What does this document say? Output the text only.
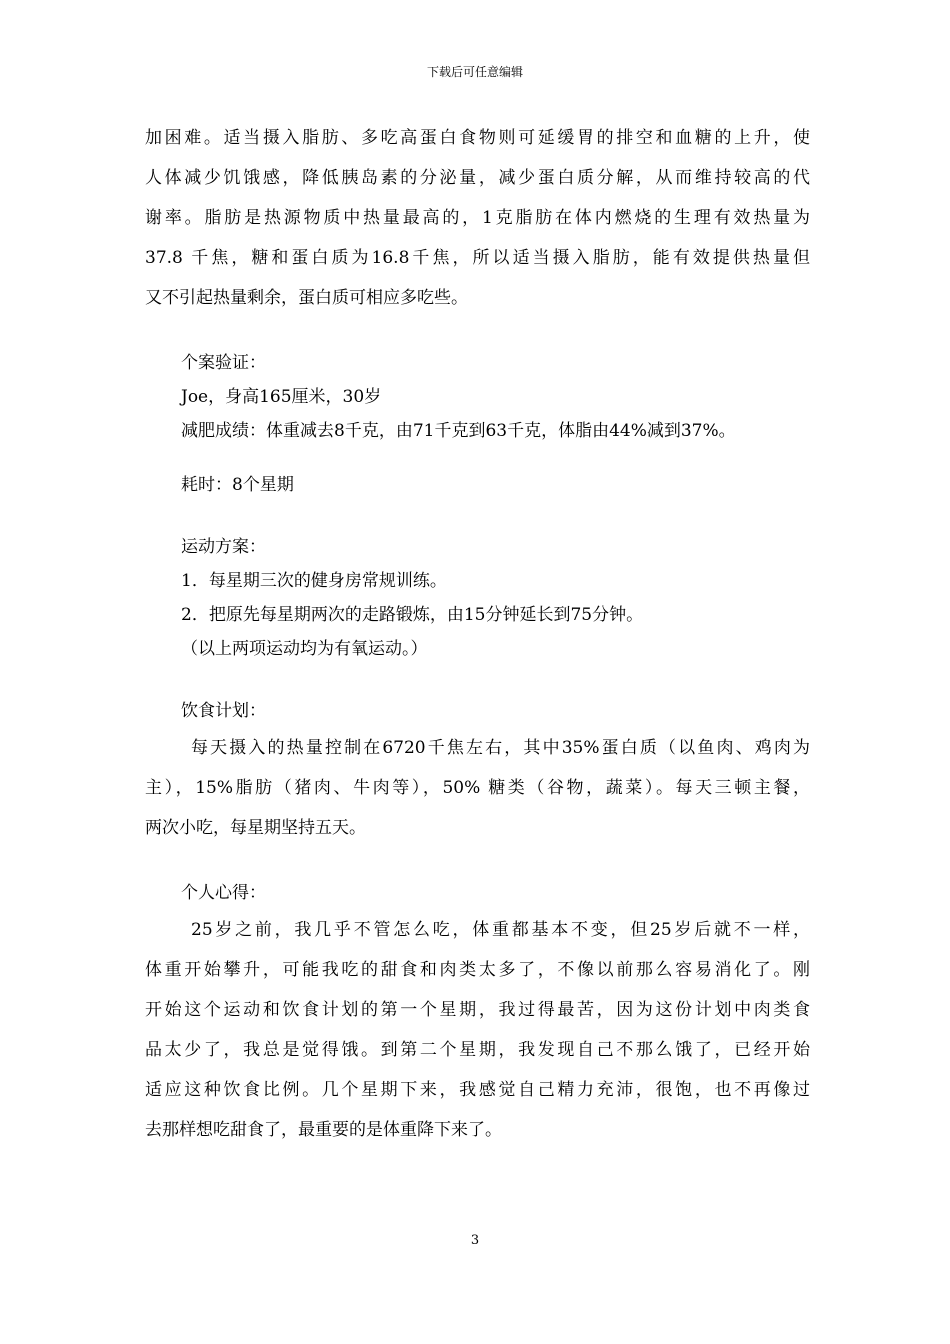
下载后可任意编辑
加困难。适当摄入脂肪、多吃高蛋白食物则可延缓胃的排空和血糖的上升，使
人体减少饥饿感，降低胰岛素的分泌量，减少蛋白质分解，从而维持较高的代
谢率。脂肪是热源物质中热量最高的，1克脂肪在体内燃烧的生理有效热量为
37.8 千焦，糖和蛋白质为16.8千焦，所以适当摄入脂肪，能有效提供热量但
又不引起热量剩余，蛋白质可相应多吃些。
个案验证：
Joe，身高165厘米，30岁
减肥成绩：体重减去8千克，由71千克到63千克，体脂由44%减到37%。
耗时：8个星期
运动方案：
1．每星期三次的健身房常规训练。
2．把原先每星期两次的走路锻炼，由15分钟延长到75分钟。
（以上两项运动均为有氧运动。）
饮食计划：
每天摄入的热量控制在6720千焦左右，其中35%蛋白质（以鱼肉、鸡肉为
主），15%脂肪（猪肉、牛肉等），50% 糖类（谷物，蔬菜）。每天三顿主餐，
两次小吃，每星期坚持五天。
个人心得：
25岁之前，我几乎不管怎么吃，体重都基本不变，但25岁后就不一样，
体重开始攀升，可能我吃的甜食和肉类太多了，不像以前那么容易消化了。刚
开始这个运动和饮食计划的第一个星期，我过得最苦，因为这份计划中肉类食
品太少了，我总是觉得饿。到第二个星期，我发现自己不那么饿了，已经开始
适应这种饮食比例。几个星期下来，我感觉自己精力充沛，很饱，也不再像过
去那样想吃甜食了，最重要的是体重降下来了。
3
